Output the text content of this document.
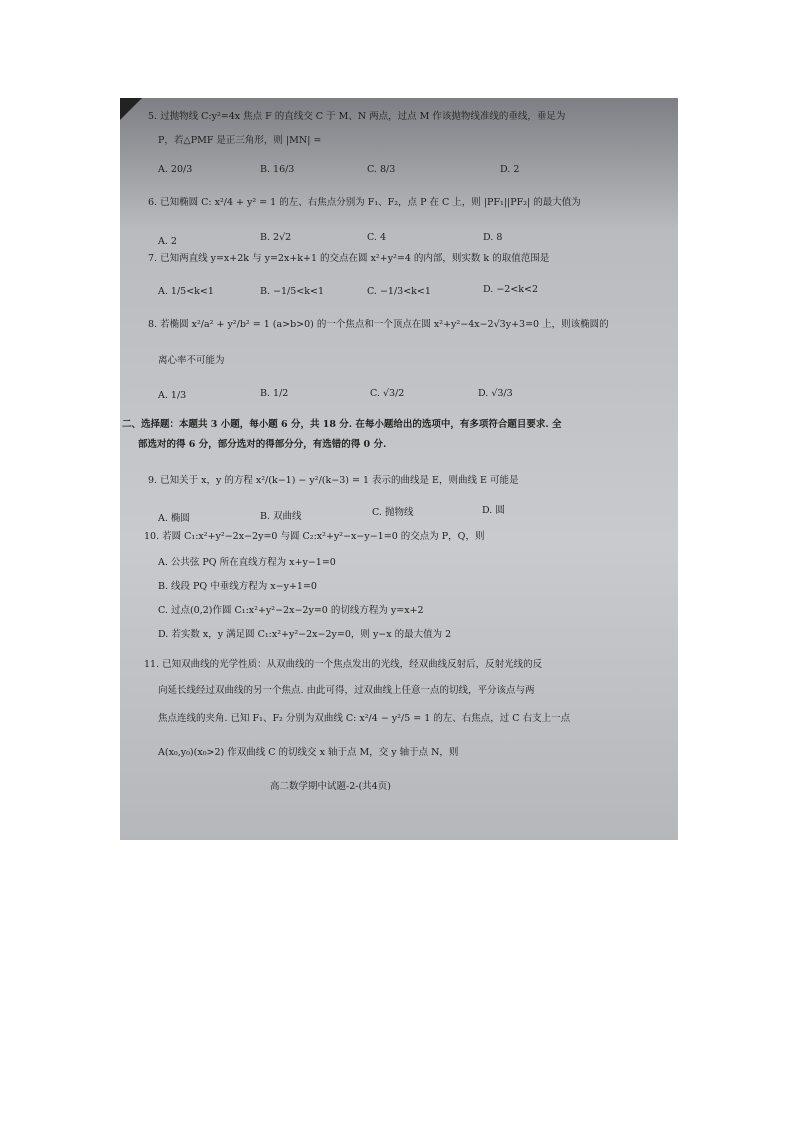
5. 过抛物线 C:y²=4x 焦点 F 的直线交 C 于 M、N 两点，过点 M 作该抛物线准线的垂线，垂足为
P，若△PMF 是正三角形，则 |MN| =
A. 20/3	B. 16/3	C. 8/3	D. 2
6. 已知椭圆 C: x²/4 + y² = 1 的左、右焦点分别为 F₁、F₂，点 P 在 C 上，则 |PF₁||PF₂| 的最大值为
A. 2	B. 2√2	C. 4	D. 8
7. 已知两直线 y=x+2k 与 y=2x+k+1 的交点在圆 x²+y²=4 的内部，则实数 k 的取值范围是
A. 1/5<k<1	B. −1/5<k<1	C. −1/3<k<1	D. −2<k<2
8. 若椭圆 x²/a² + y²/b² = 1 (a>b>0) 的一个焦点和一个顶点在圆 x²+y²−4x−2√3y+3=0 上，则该椭圆的
离心率不可能为
A. 1/3	B. 1/2	C. √3/2	D. √3/3
二、选择题：本题共 3 小题，每小题 6 分，共 18 分. 在每小题给出的选项中，有多项符合题目要求. 全
部选对的得 6 分，部分选对的得部分分，有选错的得 0 分.
9. 已知关于 x，y 的方程 x²/(k−1) − y²/(k−3) = 1 表示的曲线是 E，则曲线 E 可能是
A. 椭圆	B. 双曲线	C. 抛物线	D. 圆
10. 若圆 C₁:x²+y²−2x−2y=0 与圆 C₂:x²+y²−x−y−1=0 的交点为 P，Q，则
A. 公共弦 PQ 所在直线方程为 x+y−1=0
B. 线段 PQ 中垂线方程为 x−y+1=0
C. 过点(0,2)作圆 C₁:x²+y²−2x−2y=0 的切线方程为 y=x+2
D. 若实数 x，y 满足圆 C₁:x²+y²−2x−2y=0，则 y−x 的最大值为 2
11. 已知双曲线的光学性质：从双曲线的一个焦点发出的光线，经双曲线反射后，反射光线的反
向延长线经过双曲线的另一个焦点. 由此可得，过双曲线上任意一点的切线，平分该点与两
焦点连线的夹角. 已知 F₁、F₂ 分别为双曲线 C: x²/4 − y²/5 = 1 的左、右焦点，过 C 右支上一点
A(x₀,y₀)(x₀>2) 作双曲线 C 的切线交 x 轴于点 M，交 y 轴于点 N，则
高二数学期中试题-2-(共4页)
